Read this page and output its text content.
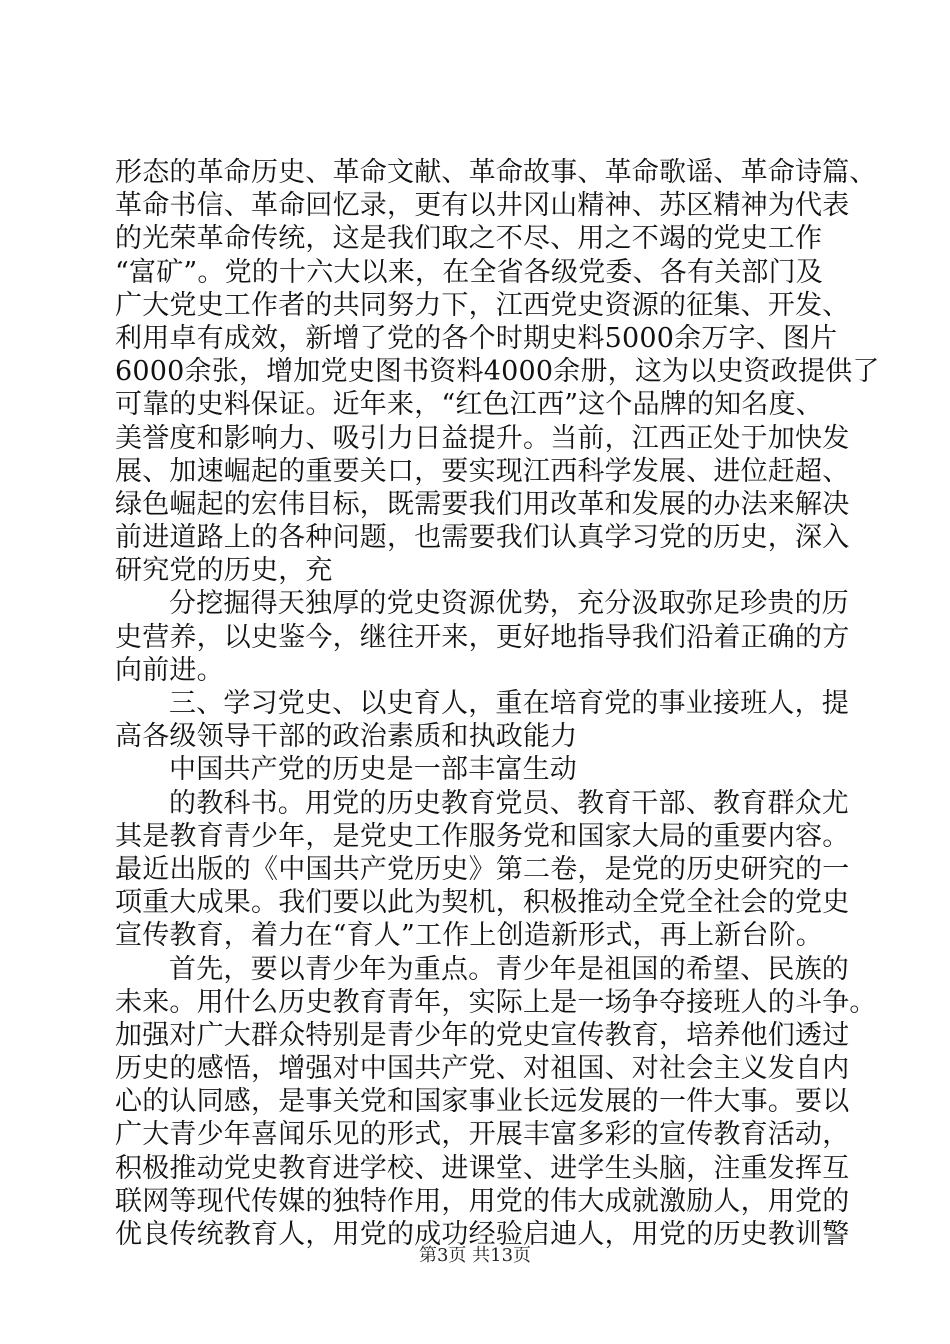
形态的革命历史、革命文献、革命故事、革命歌谣、革命诗篇、
革命书信、革命回忆录，更有以井冈山精神、苏区精神为代表
的光荣革命传统，这是我们取之不尽、用之不竭的党史工作
“富矿”。党的十六大以来，在全省各级党委、各有关部门及
广大党史工作者的共同努力下，江西党史资源的征集、开发、
利用卓有成效，新增了党的各个时期史料5000余万字、图片
6000余张，增加党史图书资料4000余册，这为以史资政提供了
可靠的史料保证。近年来，“红色江西”这个品牌的知名度、
美誉度和影响力、吸引力日益提升。当前，江西正处于加快发
展、加速崛起的重要关口，要实现江西科学发展、进位赶超、
绿色崛起的宏伟目标，既需要我们用改革和发展的办法来解决
前进道路上的各种问题，也需要我们认真学习党的历史，深入
研究党的历史，充
分挖掘得天独厚的党史资源优势，充分汲取弥足珍贵的历
史营养，以史鉴今，继往开来，更好地指导我们沿着正确的方
向前进。
三、学习党史、以史育人，重在培育党的事业接班人，提
高各级领导干部的政治素质和执政能力
中国共产党的历史是一部丰富生动
的教科书。用党的历史教育党员、教育干部、教育群众尤
其是教育青少年，是党史工作服务党和国家大局的重要内容。
最近出版的《中国共产党历史》第二卷，是党的历史研究的一
项重大成果。我们要以此为契机，积极推动全党全社会的党史
宣传教育，着力在“育人”工作上创造新形式，再上新台阶。
首先，要以青少年为重点。青少年是祖国的希望、民族的
未来。用什么历史教育青年，实际上是一场争夺接班人的斗争。
加强对广大群众特别是青少年的党史宣传教育，培养他们透过
历史的感悟，增强对中国共产党、对祖国、对社会主义发自内
心的认同感，是事关党和国家事业长远发展的一件大事。要以
广大青少年喜闻乐见的形式，开展丰富多彩的宣传教育活动，
积极推动党史教育进学校、进课堂、进学生头脑，注重发挥互
联网等现代传媒的独特作用，用党的伟大成就激励人，用党的
优良传统教育人，用党的成功经验启迪人，用党的历史教训警
第3页 共13页
